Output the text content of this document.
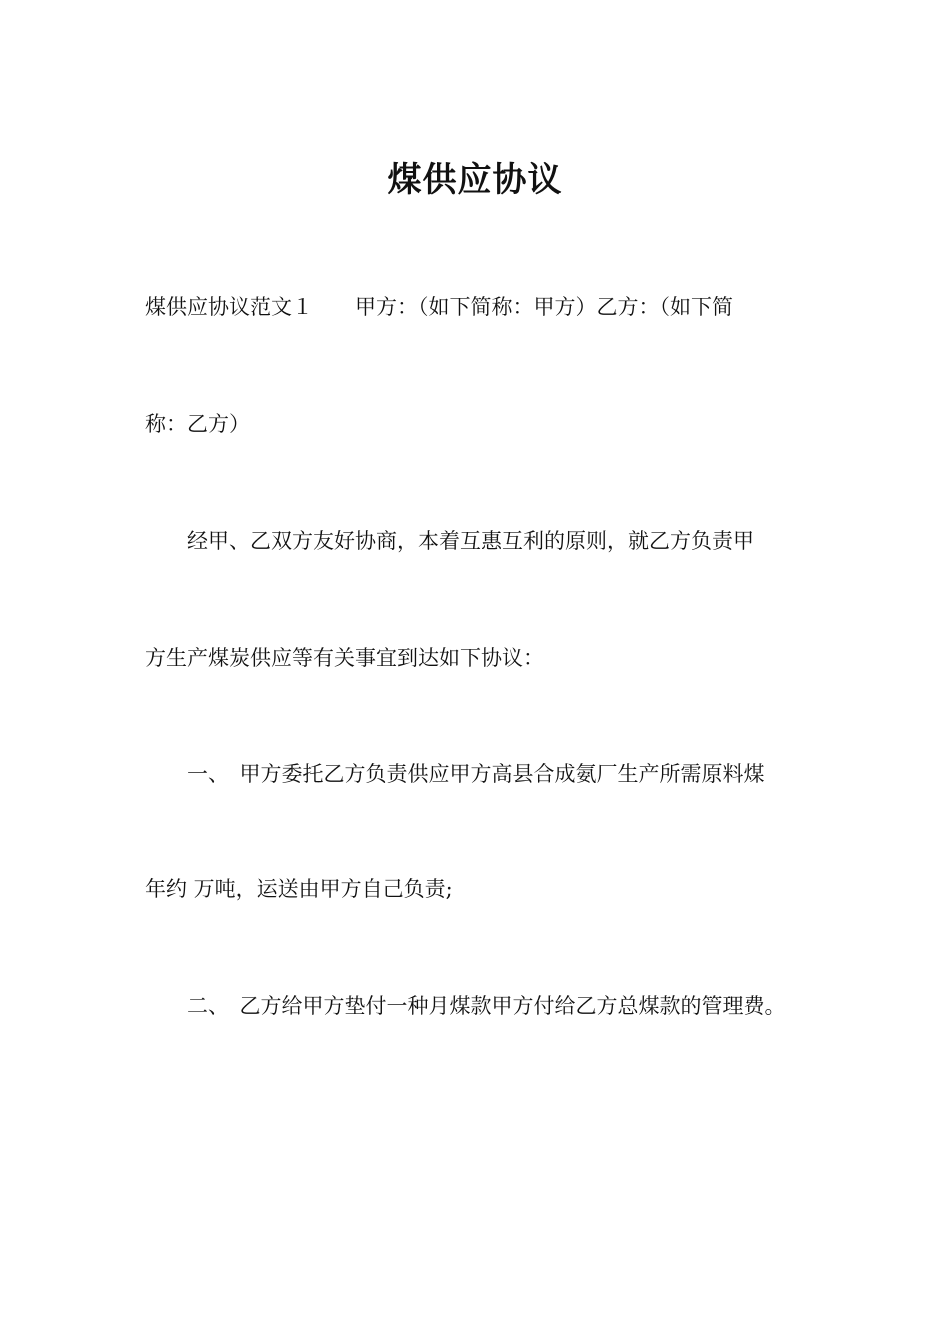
煤供应协议

煤供应协议范文１　　甲方：（如下简称：甲方）乙方：（如下简

称：乙方）

　　经甲、乙双方友好协商，本着互惠互利的原则，就乙方负责甲

方生产煤炭供应等有关事宜到达如下协议：

　　一、　甲方委托乙方负责供应甲方高县合成氨厂生产所需原料煤

年约 万吨，运送由甲方自己负责;

　　二、　乙方给甲方垫付一种月煤款甲方付给乙方总煤款的管理费。
